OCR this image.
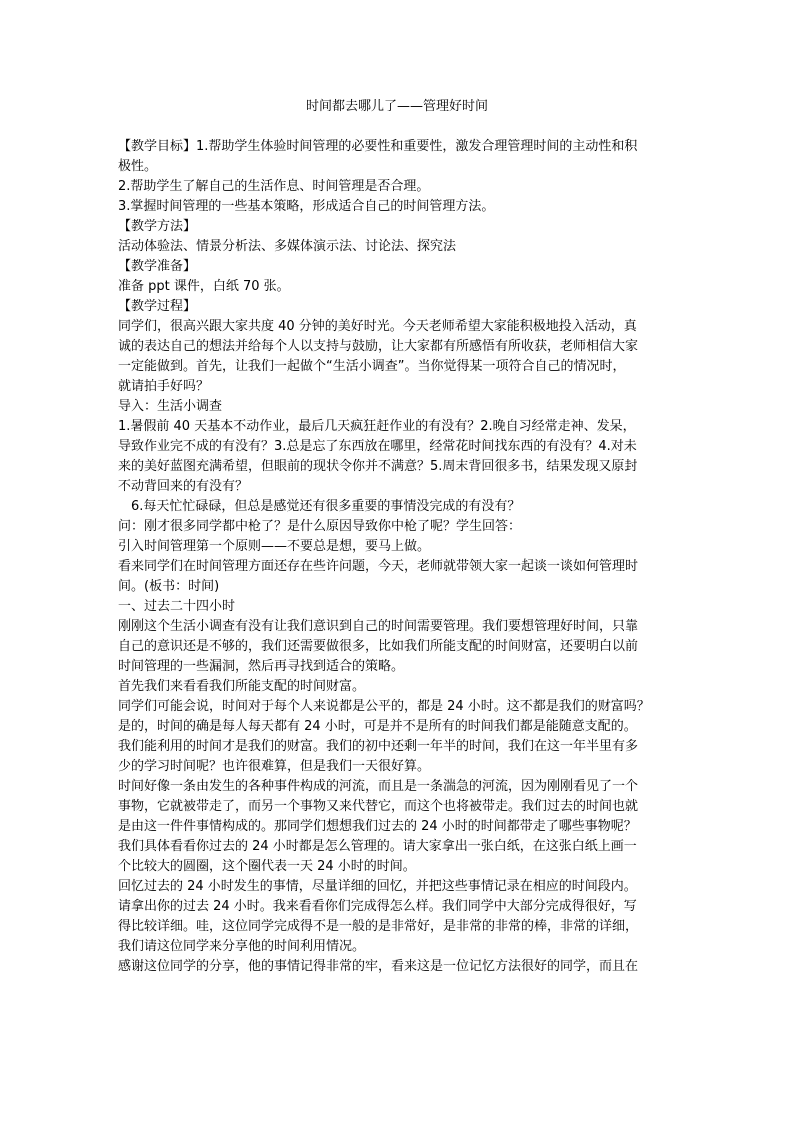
时间都去哪儿了——管理好时间

【教学目标】1.帮助学生体验时间管理的必要性和重要性，激发合理管理时间的主动性和积

极性。

2.帮助学生了解自己的生活作息、时间管理是否合理。

3.掌握时间管理的一些基本策略，形成适合自己的时间管理方法。

【教学方法】

活动体验法、情景分析法、多媒体演示法、讨论法、探究法

【教学准备】

准备 ppt 课件，白纸 70 张。

【教学过程】

同学们，很高兴跟大家共度 40 分钟的美好时光。今天老师希望大家能积极地投入活动，真

诚的表达自己的想法并给每个人以支持与鼓励，让大家都有所感悟有所收获，老师相信大家

一定能做到。首先，让我们一起做个“生活小调查”。当你觉得某一项符合自己的情况时，

就请拍手好吗？

导入：生活小调查

1.暑假前 40 天基本不动作业，最后几天疯狂赶作业的有没有？2.晚自习经常走神、发呆，

导致作业完不成的有没有？3.总是忘了东西放在哪里，经常花时间找东西的有没有？4.对未

来的美好蓝图充满希望，但眼前的现状令你并不满意？5.周末背回很多书，结果发现又原封

不动背回来的有没有？

6.每天忙忙碌碌，但总是感觉还有很多重要的事情没完成的有没有？

问：刚才很多同学都中枪了？是什么原因导致你中枪了呢？学生回答：

引入时间管理第一个原则——不要总是想，要马上做。

看来同学们在时间管理方面还存在些许问题，今天，老师就带领大家一起谈一谈如何管理时

间。(板书：时间)

一、过去二十四小时

刚刚这个生活小调查有没有让我们意识到自己的时间需要管理。我们要想管理好时间，只靠

自己的意识还是不够的，我们还需要做很多，比如我们所能支配的时间财富，还要明白以前

时间管理的一些漏洞，然后再寻找到适合的策略。

首先我们来看看我们所能支配的时间财富。

同学们可能会说，时间对于每个人来说都是公平的，都是 24 小时。这不都是我们的财富吗？

是的，时间的确是每人每天都有 24 小时，可是并不是所有的时间我们都是能随意支配的。

我们能利用的时间才是我们的财富。我们的初中还剩一年半的时间，我们在这一年半里有多

少的学习时间呢？也许很难算，但是我们一天很好算。

时间好像一条由发生的各种事件构成的河流，而且是一条湍急的河流，因为刚刚看见了一个

事物，它就被带走了，而另一个事物又来代替它，而这个也将被带走。我们过去的时间也就

是由这一件件事情构成的。那同学们想想我们过去的 24 小时的时间都带走了哪些事物呢？

我们具体看看你过去的 24 小时都是怎么管理的。请大家拿出一张白纸，在这张白纸上画一

个比较大的圆圈，这个圈代表一天 24 小时的时间。

回忆过去的 24 小时发生的事情，尽量详细的回忆，并把这些事情记录在相应的时间段内。

请拿出你的过去 24 小时。我来看看你们完成得怎么样。我们同学中大部分完成得很好，写

得比较详细。哇，这位同学完成得不是一般的是非常好，是非常的非常的棒，非常的详细，

我们请这位同学来分享他的时间利用情况。

感谢这位同学的分享，他的事情记得非常的牢，看来这是一位记忆方法很好的同学，而且在
